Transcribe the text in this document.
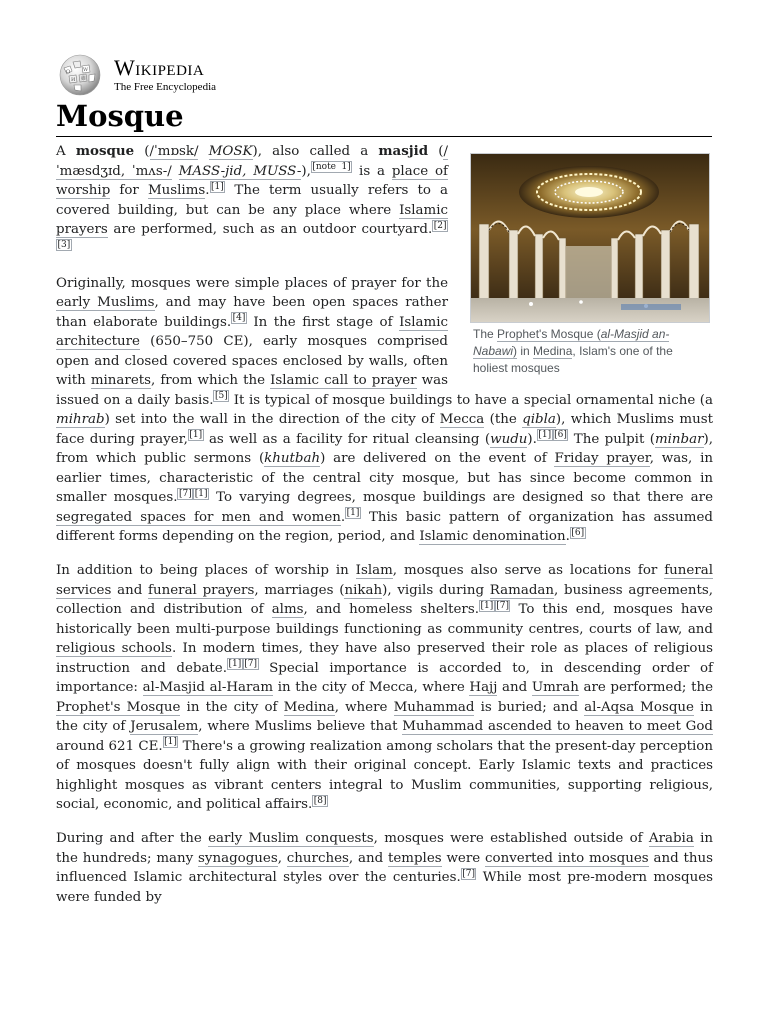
Ω	W
И 維 Wikipedia
The Free Encyclopedia
Mosque
The Prophet's Mosque (al-Masjid an-Nabawi) in Medina, Islam's one of the holiest mosques

A mosque (/ˈmɒsk/ MOSK), also called a masjid (/ˈmæsdʒɪd, ˈmʌs-/ MASS-jid, MUSS-), [note 1] is a place of worship for Muslims. [1] The term usually refers to a covered building, but can be any place where Islamic prayers are performed, such as an outdoor courtyard. [2][3]

Originally, mosques were simple places of prayer for the early Muslims, and may have been open spaces rather than elaborate buildings. [4] In the first stage of Islamic architecture (650–750 CE), early mosques comprised open and closed covered spaces enclosed by walls, often with minarets, from which the Islamic call to prayer was issued on a daily basis. [5] It is typical of mosque buildings to have a special ornamental niche (a mihrab) set into the wall in the direction of the city of Mecca (the qibla), which Muslims must face during prayer, [1] as well as a facility for ritual cleansing (wudu). [1] [6] The pulpit (minbar), from which public sermons (khutbah) are delivered on the event of Friday prayer, was, in earlier times, characteristic of the central city mosque, but has since become common in smaller mosques. [7] [1] To varying degrees, mosque buildings are designed so that there are segregated spaces for men and women. [1] This basic pattern of organization has assumed different forms depending on the region, period, and Islamic denomination. [6]

In addition to being places of worship in Islam, mosques also serve as locations for funeral services and funeral prayers, marriages (nikah), vigils during Ramadan, business agreements, collection and distribution of alms, and homeless shelters. [1] [7] To this end, mosques have historically been multi-purpose buildings functioning as community centres, courts of law, and religious schools. In modern times, they have also preserved their role as places of religious instruction and debate. [1] [7] Special importance is accorded to, in descending order of importance: al-Masjid al-Haram in the city of Mecca, where Hajj and Umrah are performed; the Prophet's Mosque in the city of Medina, where Muhammad is buried; and al-Aqsa Mosque in the city of Jerusalem, where Muslims believe that Muhammad ascended to heaven to meet God around 621 CE. [1] There's a growing realization among scholars that the present-day perception of mosques doesn't fully align with their original concept. Early Islamic texts and practices highlight mosques as vibrant centers integral to Muslim communities, supporting religious, social, economic, and political affairs. [8]

During and after the early Muslim conquests, mosques were established outside of Arabia in the hundreds; many synagogues, churches, and temples were converted into mosques and thus influenced Islamic architectural styles over the centuries. [7] While most pre-modern mosques were funded by
